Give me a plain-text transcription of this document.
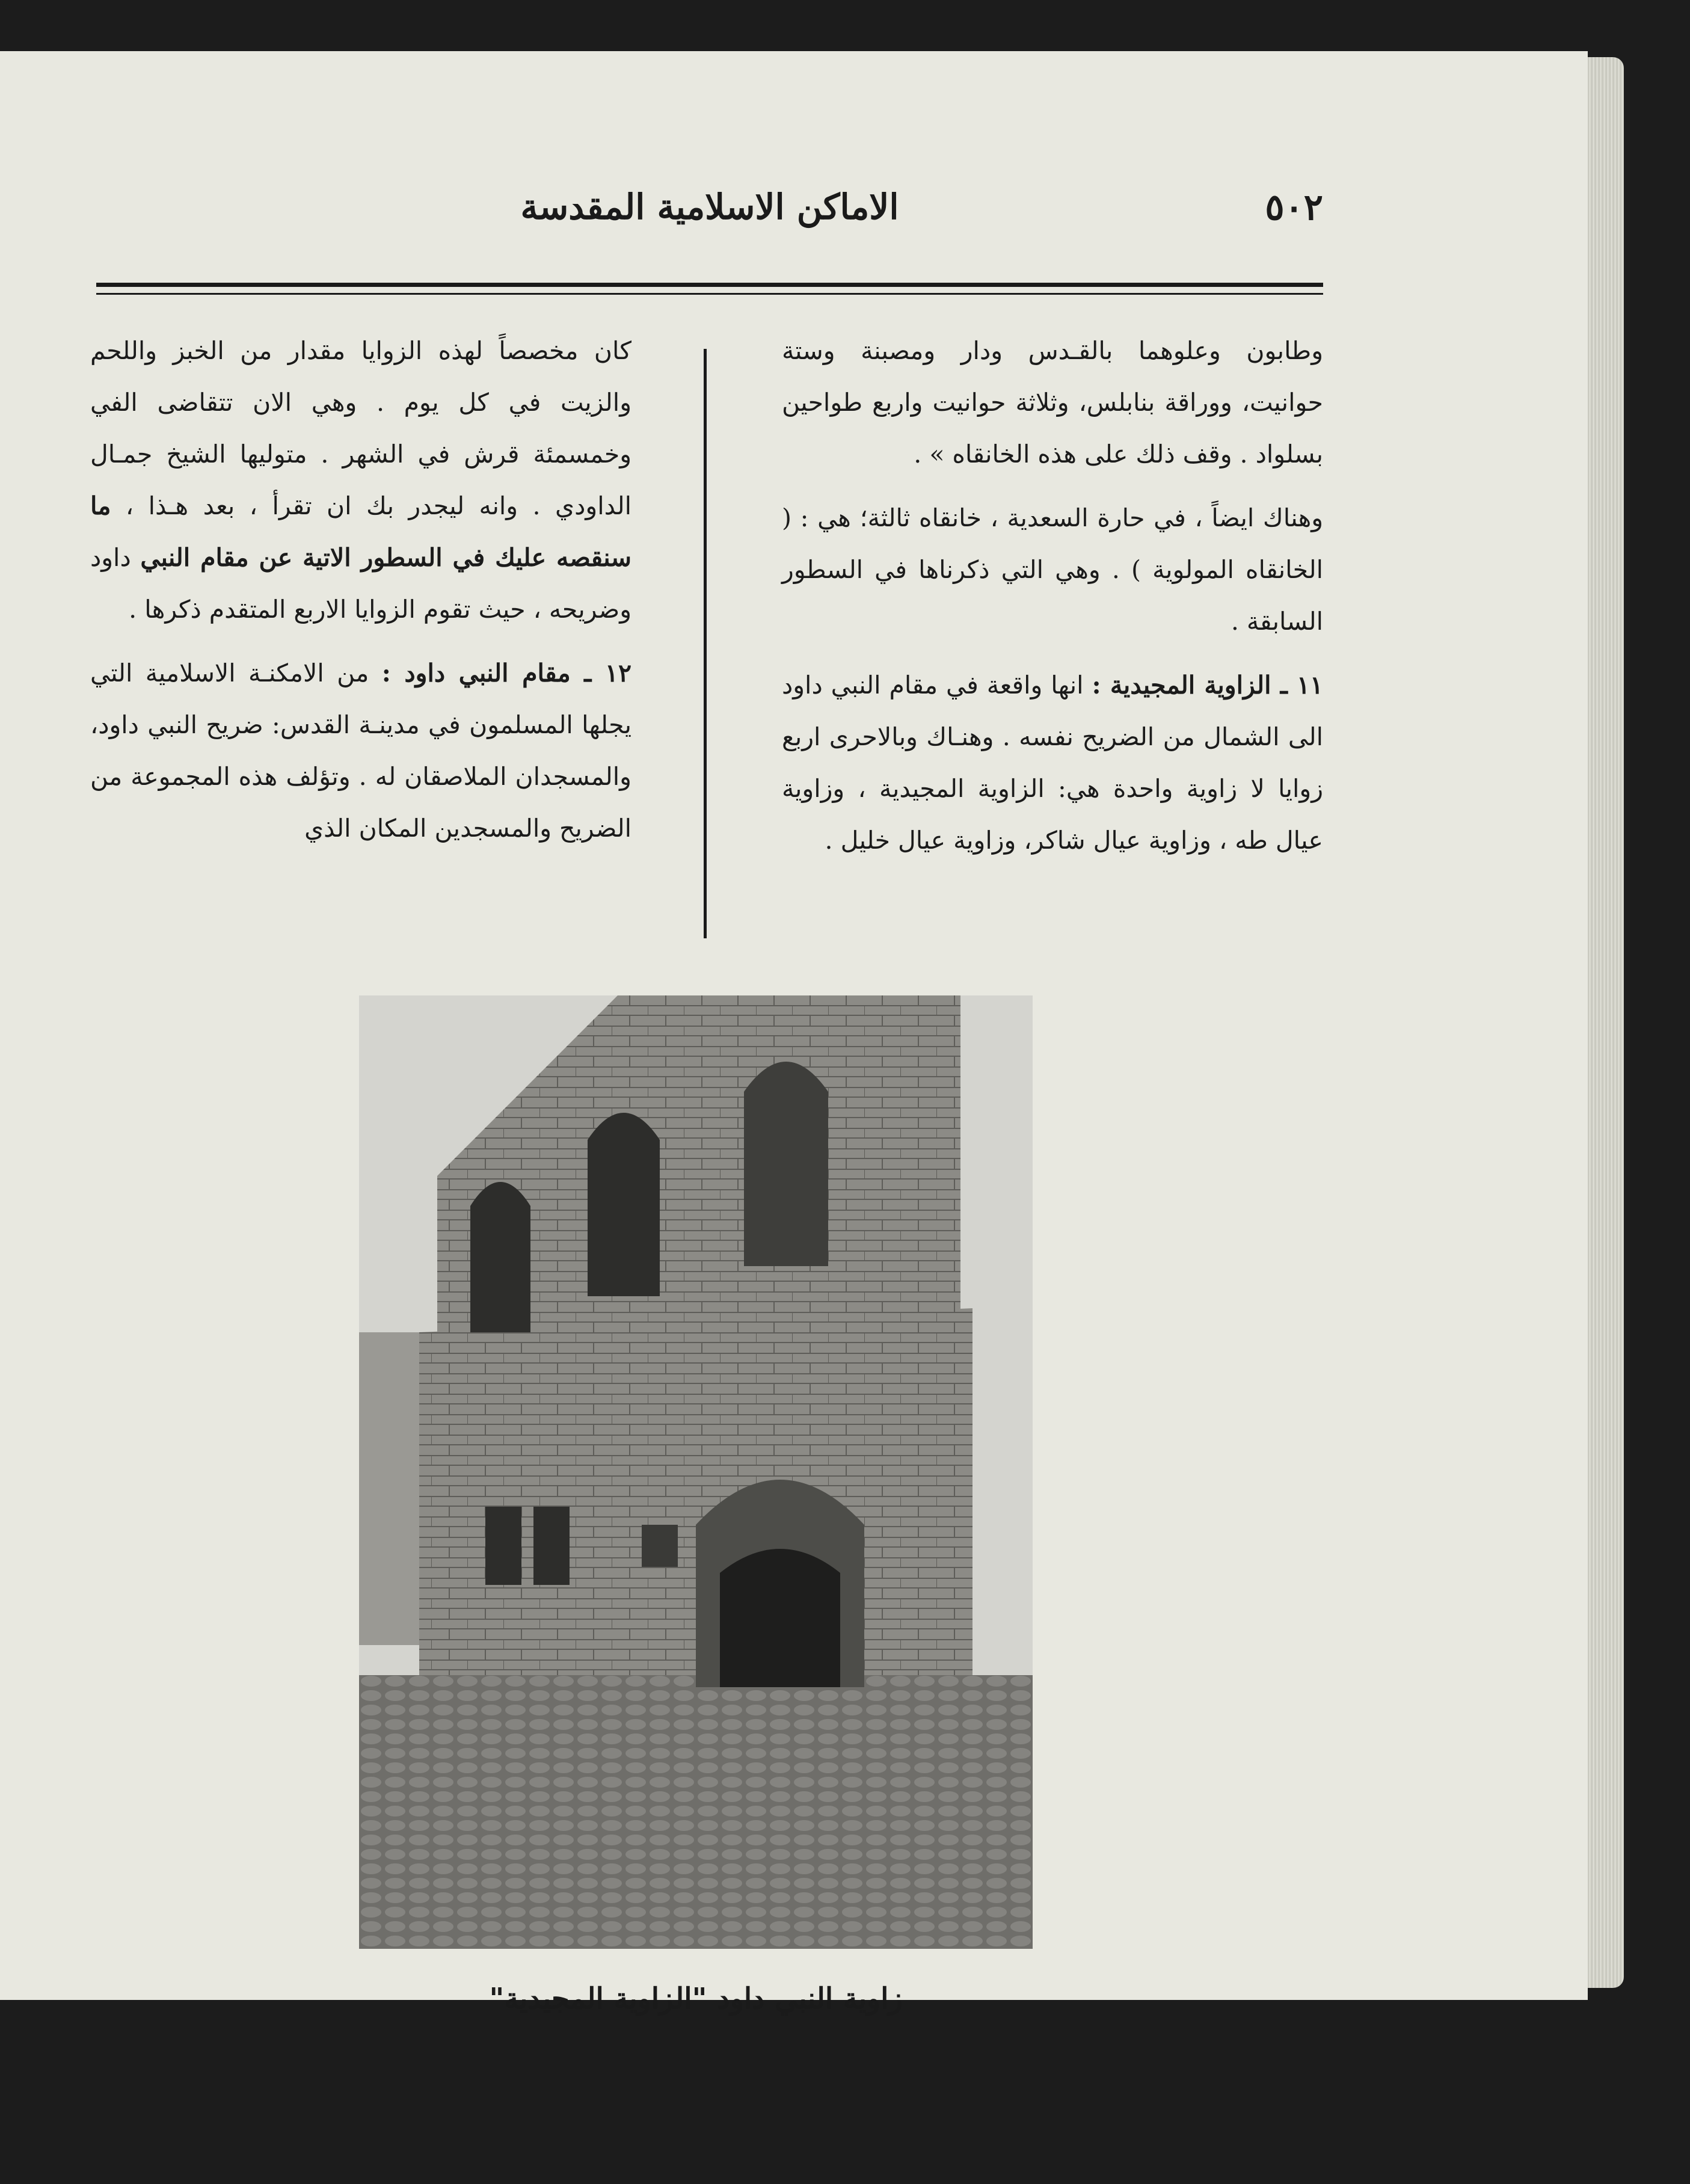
٥٠٢
الاماكن الاسلامية المقدسة

وطابون وعلوهما بالقـدس ودار ومصبنة وستة حوانيت، ووراقة بنابلس، وثلاثة حوانيت واربع طواحين بسلواد . وقف ذلك على هذه الخانقاه » .

وهناك ايضاً ، في حارة السعدية ، خانقاه ثالثة؛ هي : ( الخانقاه المولوية ) . وهي التي ذكرناها في السطور السابقة .

١١ ـ الزاوية المجيدية : انها واقعة في مقام النبي داود الى الشمال من الضريح نفسه . وهنـاك وبالاحرى اربع زوايا لا زاوية واحدة هي: الزاوية المجيدية ، وزاوية عيال طه ، وزاوية عيال شاكر، وزاوية عيال خليل .

كان مخصصاً لهذه الزوايا مقدار من الخبز واللحم والزيت في كل يوم . وهي الان تتقاضى الفي وخمسمئة قرش في الشهر . متوليها الشيخ جمـال الداودي . وانه ليجدر بك ان تقرأ ، بعد هـذا ، ما سنقصه عليك في السطور الاتية عن مقام النبي داود وضريحه ، حيث تقوم الزوايا الاربع المتقدم ذكرها .

١٢ ـ مقام النبي داود : من الامكنـة الاسلامية التي يجلها المسلمون في مدينـة القدس: ضريح النبي داود، والمسجدان الملاصقان له . وتؤلف هذه المجموعة من الضريح والمسجدين المكان الذي

زاوية النبي داود "الزاوية المجيدية"
